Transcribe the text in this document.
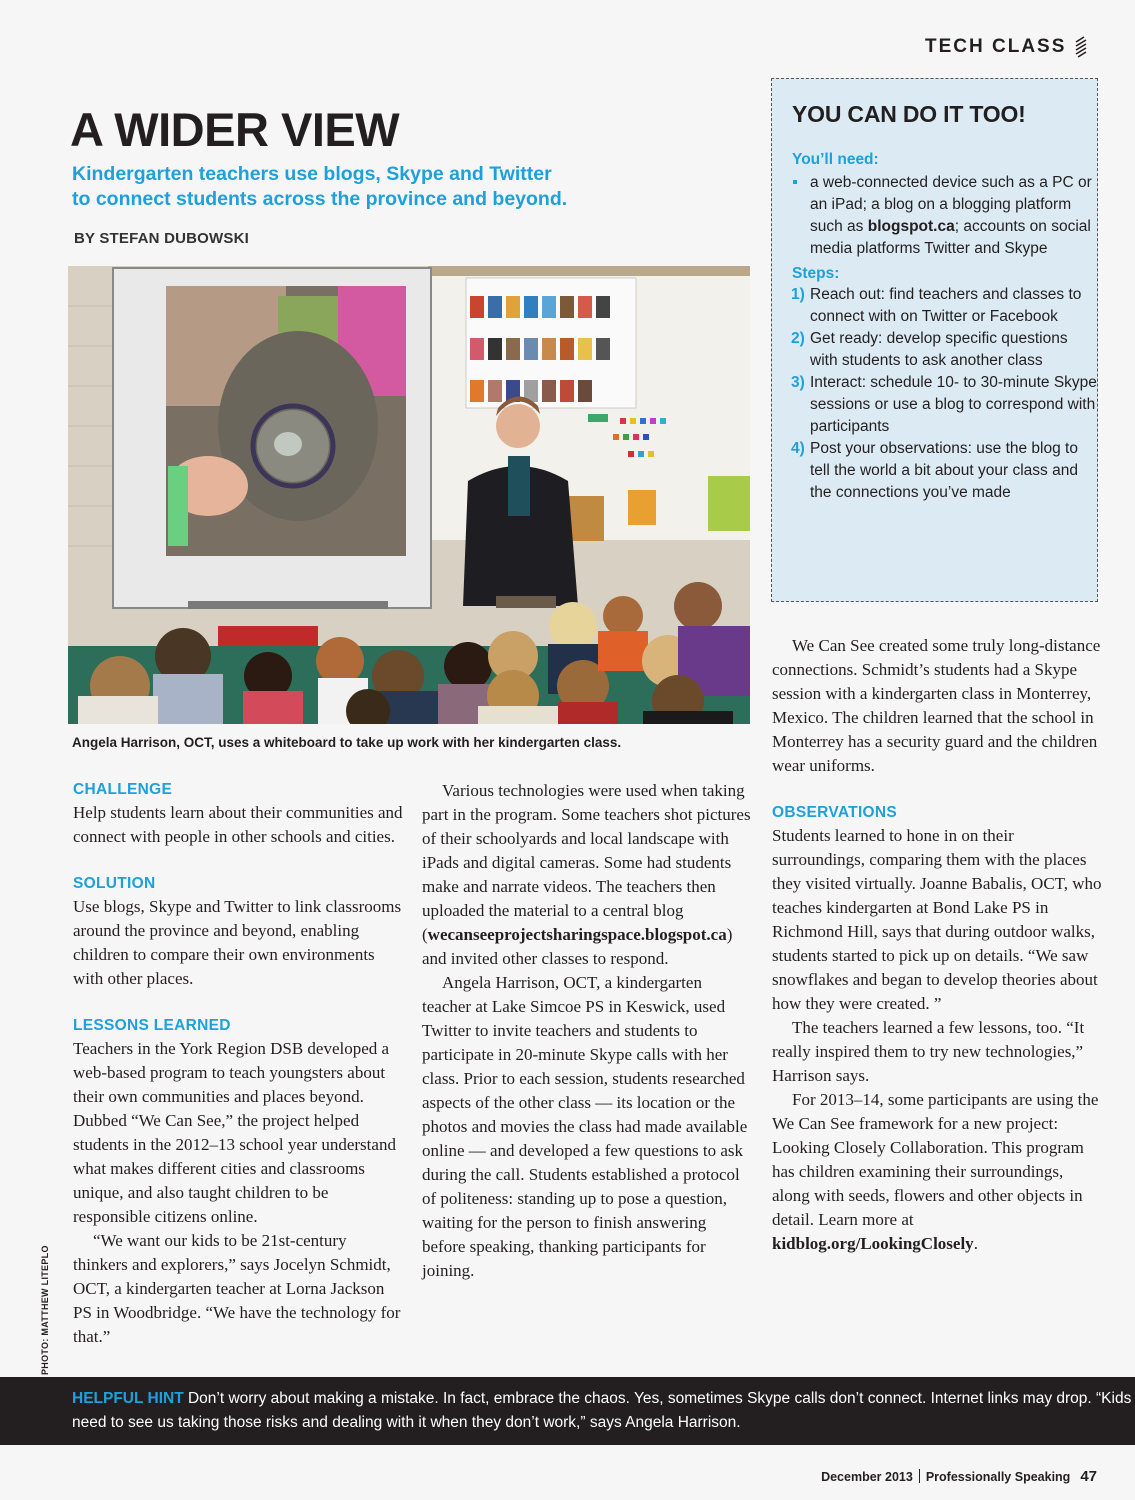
TECH CLASS
A WIDER VIEW
Kindergarten teachers use blogs, Skype and Twitter
to connect students across the province and beyond.
BY STEFAN DUBOWSKI
Angela Harrison, OCT, uses a whiteboard to take up work with her kindergarten class.
PHOTO: MATTHEW LITEPLO
YOU CAN DO IT TOO!
You’ll need:
a web-connected device such as a PC or an iPad; a blog on a blogging platform such as blogspot.ca; accounts on social media platforms Twitter and Skype
Steps:
1) Reach out: find teachers and classes to connect with on Twitter or Facebook
2) Get ready: develop specific questions with students to ask another class
3) Interact: schedule 10- to 30-minute Skype sessions or use a blog to correspond with participants
4) Post your observations: use the blog to tell the world a bit about your class and the connections you’ve made
CHALLENGE

Help students learn about their communities and connect with people in other schools and cities.

SOLUTION

Use blogs, Skype and Twitter to link classrooms around the province and beyond, enabling children to compare their own environments with other places.

LESSONS LEARNED

Teachers in the York Region DSB developed a web-based program to teach youngsters about their own communities and places beyond. Dubbed “We Can See,” the project helped students in the 2012–13 school year understand what makes different cities and classrooms unique, and also taught children to be responsible citizens online.

“We want our kids to be 21st-century thinkers and explorers,” says Jocelyn Schmidt, OCT, a kindergarten teacher at Lorna Jackson PS in Woodbridge. “We have the technology for that.”

Various technologies were used when taking part in the program. Some teachers shot pictures of their schoolyards and local landscape with iPads and digital cameras. Some had students make and narrate videos. The teachers then uploaded the material to a central blog (wecanseeprojectsharingspace.blogspot.ca) and invited other classes to respond.

Angela Harrison, OCT, a kindergarten teacher at Lake Simcoe PS in Keswick, used Twitter to invite teachers and students to participate in 20-minute Skype calls with her class. Prior to each session, students researched aspects of the other class — its location or the photos and movies the class had made available online — and developed a few questions to ask during the call. Students established a protocol of politeness: standing up to pose a question, waiting for the person to finish answering before speaking, thanking participants for joining.

We Can See created some truly long-distance connections. Schmidt’s students had a Skype session with a kindergarten class in Monterrey, Mexico. The children learned that the school in Monterrey has a security guard and the children wear uniforms.

OBSERVATIONS

Students learned to hone in on their surroundings, comparing them with the places they visited virtually. Joanne Babalis, OCT, who teaches kindergarten at Bond Lake PS in Richmond Hill, says that during outdoor walks, students started to pick up on details. “We saw snowflakes and began to develop theories about how they were created. ”

The teachers learned a few lessons, too. “It really inspired them to try new technologies,” Harrison says.

For 2013–14, some participants are using the We Can See framework for a new project: Looking Closely Collaboration. This program has children examining their surroundings, along with seeds, flowers and other objects in detail. Learn more at kidblog.org/LookingClosely.

HELPFUL HINT Don’t worry about making a mistake. In fact, embrace the chaos. Yes, sometimes Skype calls don’t connect. Internet links may drop. “Kids need to see us taking those risks and dealing with it when they don’t work,” says Angela Harrison.
December 2013 Professionally Speaking 47
